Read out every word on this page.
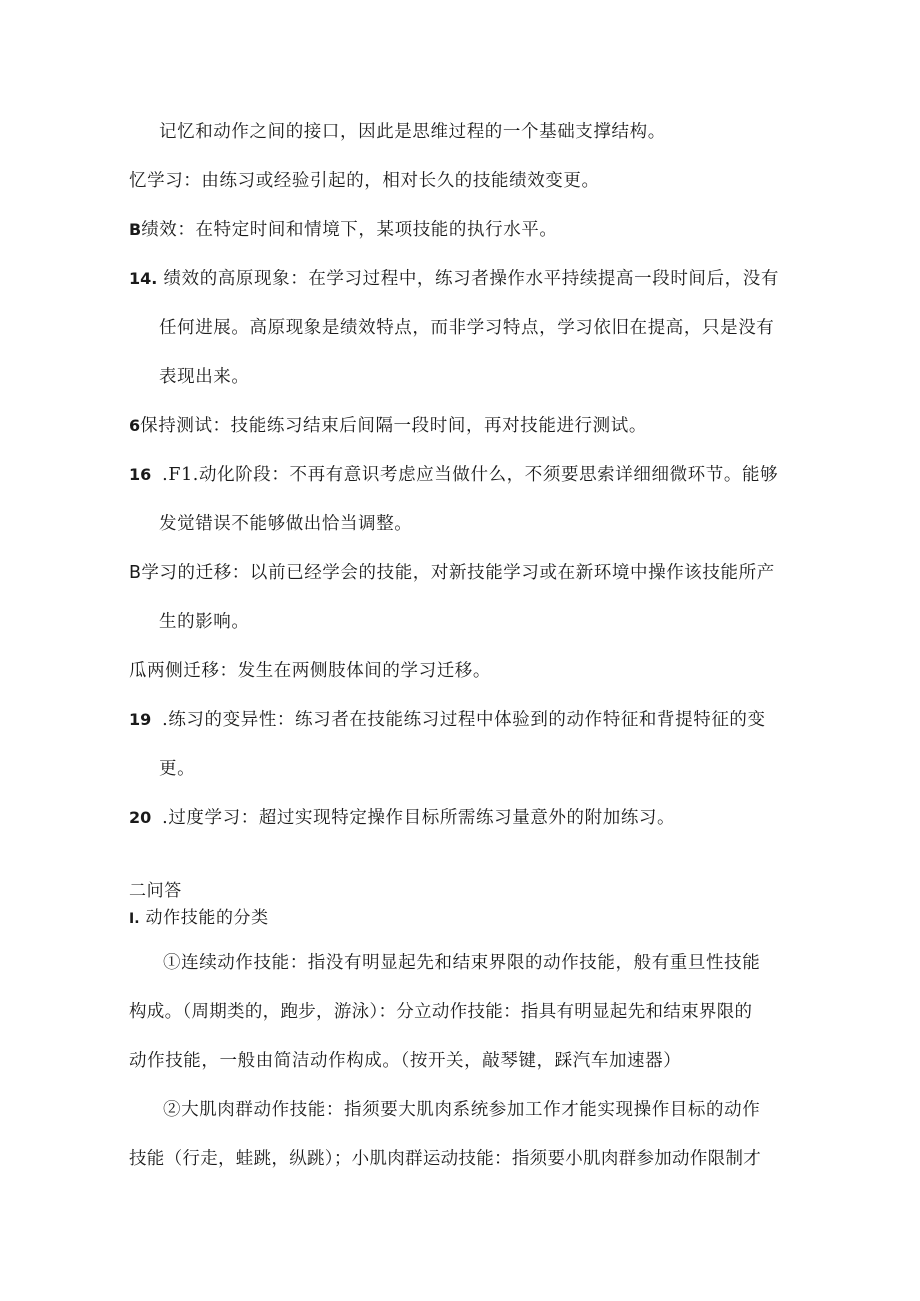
记忆和动作之间的接口，因此是思维过程的一个基础支撑结构。
忆学习：由练习或经验引起的，相对长久的技能绩效变更。
B绩效：在特定时间和情境下，某项技能的执行水平。
14. 绩效的高原现象：在学习过程中，练习者操作水平持续提高一段时间后，没有
任何进展。高原现象是绩效特点，而非学习特点，学习依旧在提高，只是没有
表现出来。
6保持测试：技能练习结束后间隔一段时间，再对技能进行测试。
16 .F1.动化阶段：不再有意识考虑应当做什么，不须要思索详细细微环节。能够
发觉错误不能够做出恰当调整。
B学习的迁移：以前已经学会的技能，对新技能学习或在新环境中操作该技能所产
生的影响。
瓜两侧迁移：发生在两侧肢体间的学习迁移。
19 .练习的变异性：练习者在技能练习过程中体验到的动作特征和背提特征的变
更。
20 .过度学习：超过实现特定操作目标所需练习量意外的附加练习。
二问答
I. 动作技能的分类
①连续动作技能：指没有明显起先和结束界限的动作技能，般有重旦性技能
构成。（周期类的，跑步，游泳）：分立动作技能：指具有明显起先和结束界限的
动作技能，一般由简洁动作构成。（按开关，敲琴键，踩汽车加速器）
②大肌肉群动作技能：指须要大肌肉系统参加工作才能实现操作目标的动作
技能（行走，蛙跳，纵跳）；小肌肉群运动技能：指须要小肌肉群参加动作限制才
